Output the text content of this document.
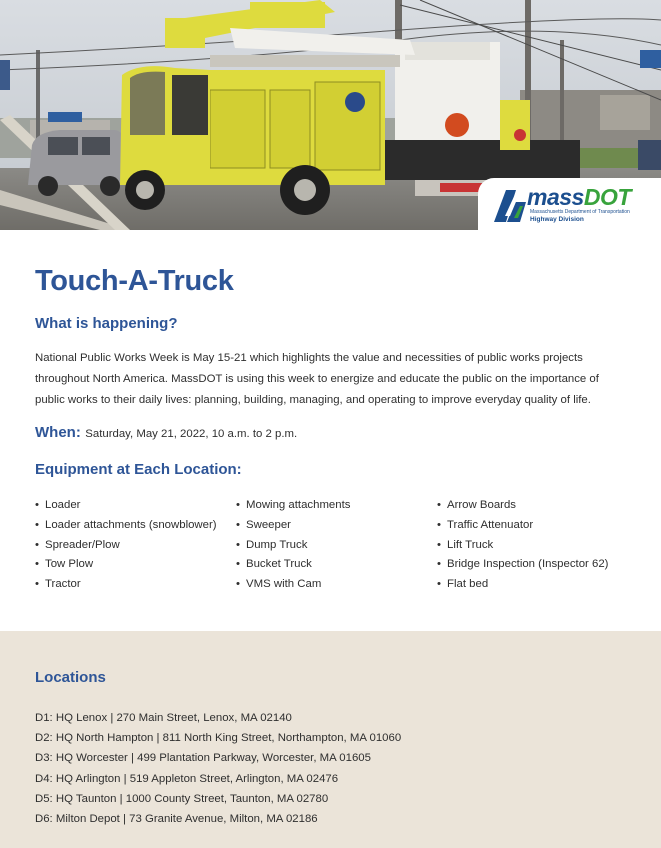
massDOT
Massachusetts Department of Transportation
Highway Division
Touch-A-Truck
What is happening?

National Public Works Week is May 15-21 which highlights the value and necessities of public works projects throughout North America. MassDOT is using this week to energize and educate the public on the importance of public works to their daily lives: planning, building, managing, and operating to improve everyday quality of life.

When: Saturday, May 21, 2022, 10 a.m. to 2 p.m.

Equipment at Each Location:
• Loader
• Loader attachments (snowblower)
• Spreader/Plow
• Tow Plow
• Tractor
• Mowing attachments
• Sweeper
• Dump Truck
• Bucket Truck
• VMS with Cam
• Arrow Boards
• Traffic Attenuator
• Lift Truck
• Bridge Inspection (Inspector 62)
• Flat bed
Locations
D1: HQ Lenox | 270 Main Street, Lenox, MA 02140
D2: HQ North Hampton | 811 North King Street, Northampton, MA 01060
D3: HQ Worcester | 499 Plantation Parkway, Worcester, MA 01605
D4: HQ Arlington | 519 Appleton Street, Arlington, MA 02476
D5: HQ Taunton | 1000 County Street, Taunton, MA 02780
D6: Milton Depot | 73 Granite Avenue, Milton, MA 02186
